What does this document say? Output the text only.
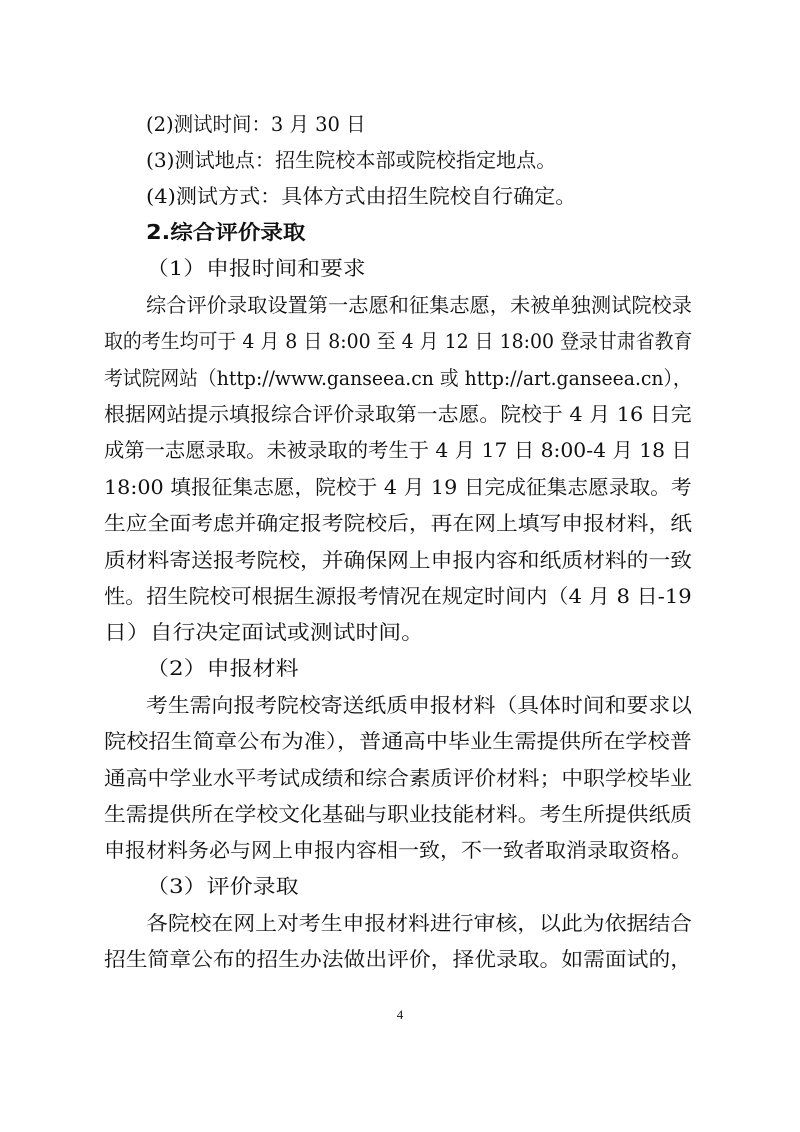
(2)测试时间：3 月 30 日
(3)测试地点：招生院校本部或院校指定地点。
(4)测试方式：具体方式由招生院校自行确定。
2.综合评价录取
（1）申报时间和要求
综合评价录取设置第一志愿和征集志愿，未被单独测试院校录
取的考生均可于 4 月 8 日 8:00 至 4 月 12 日 18:00 登录甘肃省教育
考试院网站（http://www.ganseea.cn 或 http://art.ganseea.cn），
根据网站提示填报综合评价录取第一志愿。院校于 4 月 16 日完
成第一志愿录取。未被录取的考生于 4 月 17 日 8:00-4 月 18 日
18:00 填报征集志愿，院校于 4 月 19 日完成征集志愿录取。考
生应全面考虑并确定报考院校后，再在网上填写申报材料，纸
质材料寄送报考院校，并确保网上申报内容和纸质材料的一致
性。招生院校可根据生源报考情况在规定时间内（4 月 8 日-19
日）自行决定面试或测试时间。
（2）申报材料
考生需向报考院校寄送纸质申报材料（具体时间和要求以
院校招生简章公布为准），普通高中毕业生需提供所在学校普
通高中学业水平考试成绩和综合素质评价材料；中职学校毕业
生需提供所在学校文化基础与职业技能材料。考生所提供纸质
申报材料务必与网上申报内容相一致，不一致者取消录取资格。
（3）评价录取
各院校在网上对考生申报材料进行审核，以此为依据结合
招生简章公布的招生办法做出评价，择优录取。如需面试的，
4
